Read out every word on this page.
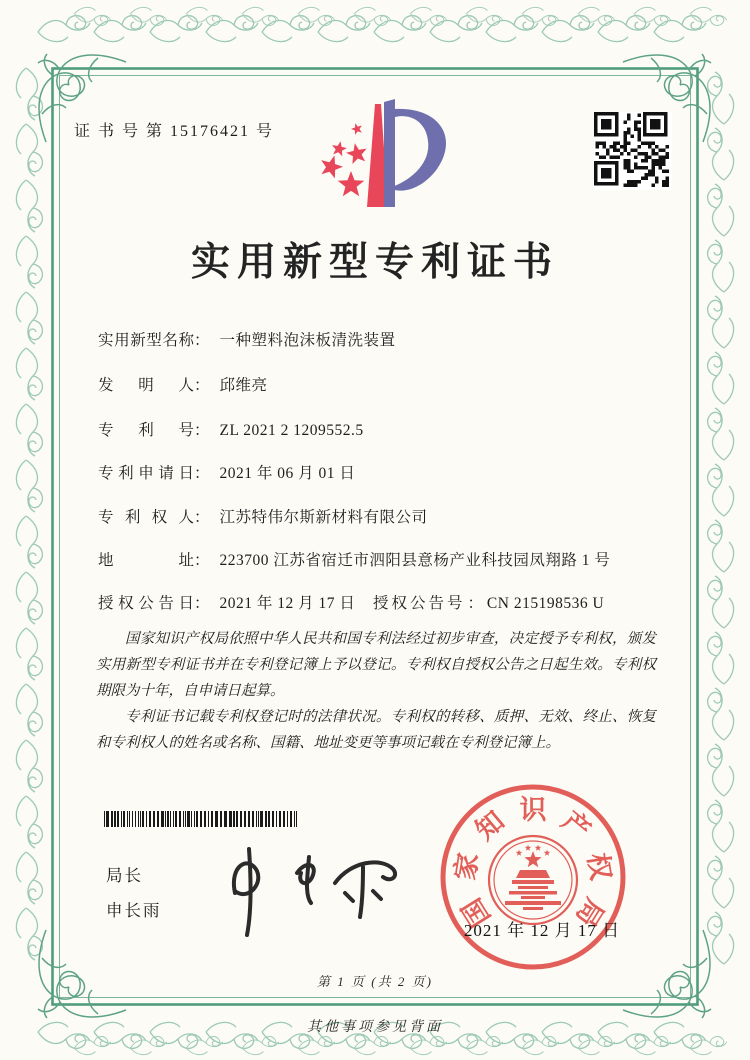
证 书 号 第 15176421 号
实用新型专利证书
实用新型名称： 一种塑料泡沫板清洗装置
发明人： 邱维亮
专利号： ZL 2021 2 1209552.5
专利申请日： 2021 年 06 月 01 日
专利权人： 江苏特伟尔斯新材料有限公司
地址： 223700 江苏省宿迁市泗阳县意杨产业科技园凤翔路 1 号
授权公告日： 2021 年 12 月 17 日 授权公告号 ： CN 215198536 U

国家知识产权局依照中华人民共和国专利法经过初步审查，决定授予专利权，颁发实用新型专利证书并在专利登记簿上予以登记。专利权自授权公告之日起生效。专利权期限为十年，自申请日起算。

专利证书记载专利权登记时的法律状况。专利权的转移、质押、无效、终止、恢复和专利权人的姓名或名称、国籍、地址变更等事项记载在专利登记簿上。

局长
申长雨	国
家
知 识 产
权
局
2021 年 12 月 17 日
第 1 页 (共 2 页)
其他事项参见背面
